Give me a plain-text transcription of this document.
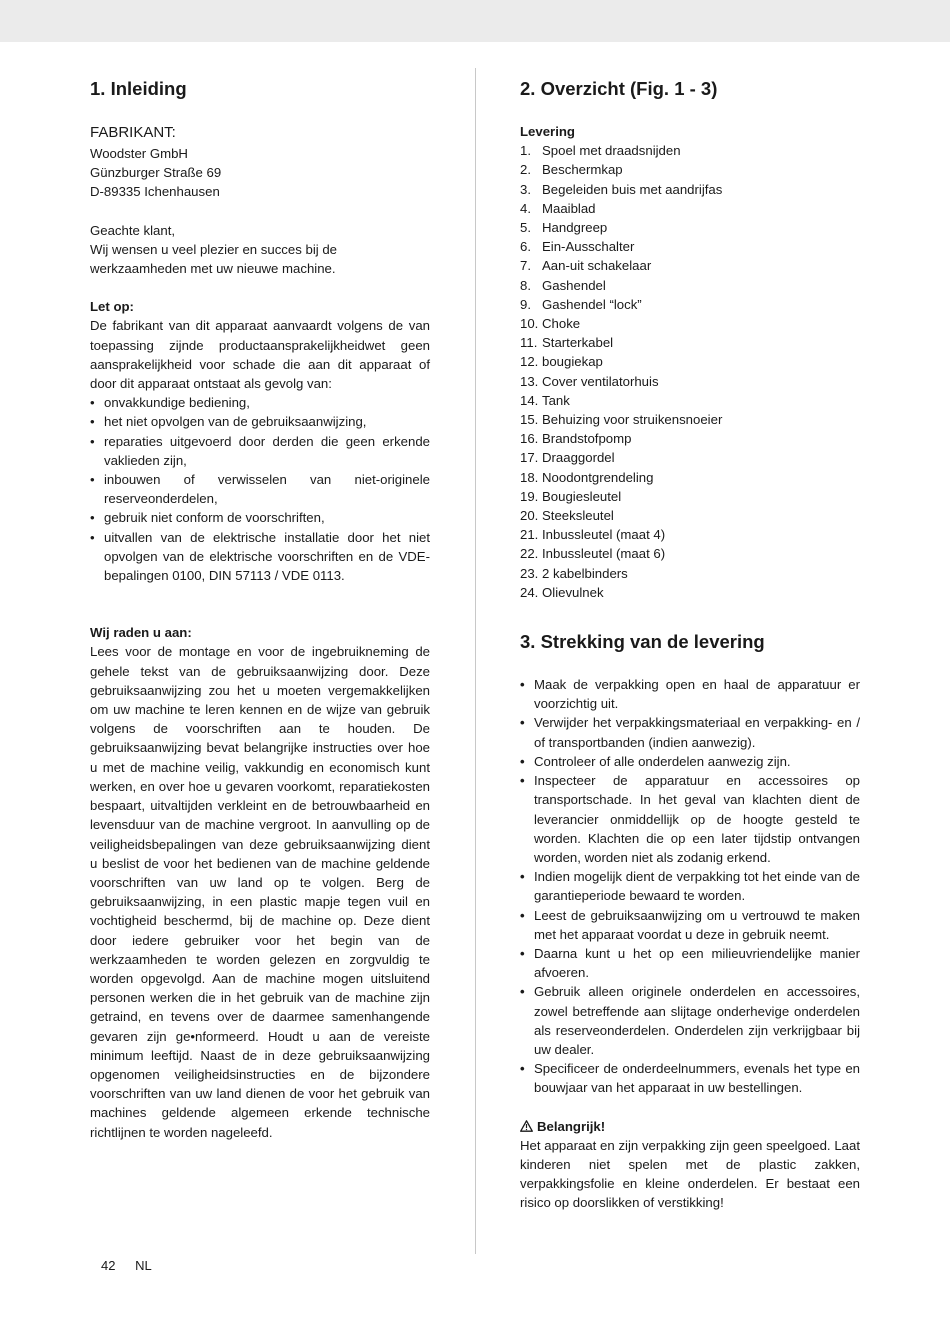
1. Inleiding

FABRIKANT:

Woodster GmbH

Günzburger Straße 69

D-89335 Ichenhausen

Geachte klant,

Wij wensen u veel plezier en succes bij de werkzaamheden met uw nieuwe machine.

Let op:

De fabrikant van dit apparaat aanvaardt volgens de van toepassing zijnde productaansprakelijkheidwet geen aansprakelijkheid voor schade die aan dit apparaat of door dit apparaat ontstaat als gevolg van:

• onvakkundige bediening,
• het niet opvolgen van de gebruiksaanwijzing,
• reparaties uitgevoerd door derden die geen erkende vaklieden zijn,
• inbouwen of verwisselen van niet-originele reserveonderdelen,
• gebruik niet conform de voorschriften,
• uitvallen van de elektrische installatie door het niet opvolgen van de elektrische voorschriften en de VDE-bepalingen 0100, DIN 57113 / VDE 0113.

Wij raden u aan:

Lees voor de montage en voor de ingebruikneming de gehele tekst van de gebruiksaanwijzing door. Deze gebruiksaanwijzing zou het u moeten vergemakkelijken om uw machine te leren kennen en de wijze van gebruik volgens de voorschriften aan te houden. De gebruiksaanwijzing bevat belangrijke instructies over hoe u met de machine veilig, vakkundig en economisch kunt werken, en over hoe u gevaren voorkomt, reparatiekosten bespaart, uitvaltijden verkleint en de betrouwbaarheid en levensduur van de machine vergroot. In aanvulling op de veiligheidsbepalingen van deze gebruiksaanwijzing dient u beslist de voor het bedienen van de machine geldende voorschriften van uw land op te volgen. Berg de gebruiksaanwijzing, in een plastic mapje tegen vuil en vochtigheid beschermd, bij de machine op. Deze dient door iedere gebruiker voor het begin van de werkzaamheden te worden gelezen en zorgvuldig te worden opgevolgd. Aan de machine mogen uitsluitend personen werken die in het gebruik van de machine zijn getraind, en tevens over de daarmee samenhangende gevaren zijn ge•nformeerd. Houdt u aan de vereiste minimum leeftijd. Naast de in deze gebruiksaanwijzing opgenomen veiligheidsinstructies en de bijzondere voorschriften van uw land dienen de voor het gebruik van machines geldende algemeen erkende technische richtlijnen te worden nageleefd.

2. Overzicht (Fig. 1 - 3)

Levering

1. Spoel met draadsnijden
2. Beschermkap
3. Begeleiden buis met aandrijfas
4. Maaiblad
5. Handgreep
6. Ein-Ausschalter
7. Aan-uit schakelaar
8. Gashendel
9. Gashendel “lock”
10. Choke
11. Starterkabel
12. bougiekap
13. Cover ventilatorhuis
14. Tank
15. Behuizing voor struikensnoeier
16. Brandstofpomp
17. Draaggordel
18. Noodontgrendeling
19. Bougiesleutel
20. Steeksleutel
21. Inbussleutel (maat 4)
22. Inbussleutel (maat 6)
23. 2 kabelbinders
24. Olievulnek
3. Strekking van de levering
• Maak de verpakking open en haal de apparatuur er voorzichtig uit.
• Verwijder het verpakkingsmateriaal en verpakking- en / of transportbanden (indien aanwezig).
• Controleer of alle onderdelen aanwezig zijn.
• Inspecteer de apparatuur en accessoires op transportschade. In het geval van klachten dient de leverancier onmiddellijk op de hoogte gesteld te worden. Klachten die op een later tijdstip ontvangen worden, worden niet als zodanig erkend.
• Indien mogelijk dient de verpakking tot het einde van de garantieperiode bewaard te worden.
• Leest de gebruiksaanwijzing om u vertrouwd te maken met het apparaat voordat u deze in gebruik neemt.
• Daarna kunt u het op een milieuvriendelijke manier afvoeren.
• Gebruik alleen originele onderdelen en accessoires, zowel betreffende aan slijtage onderhevige onderdelen als reserveonderdelen. Onderdelen zijn verkrijgbaar bij uw dealer.
• Specificeer de onderdeelnummers, evenals het type en bouwjaar van het apparaat in uw bestellingen.
Belangrijk!

Het apparaat en zijn verpakking zijn geen speelgoed. Laat kinderen niet spelen met de plastic zakken, verpakkingsfolie en kleine onderdelen. Er bestaat een risico op doorslikken of verstikking!

42 NL
